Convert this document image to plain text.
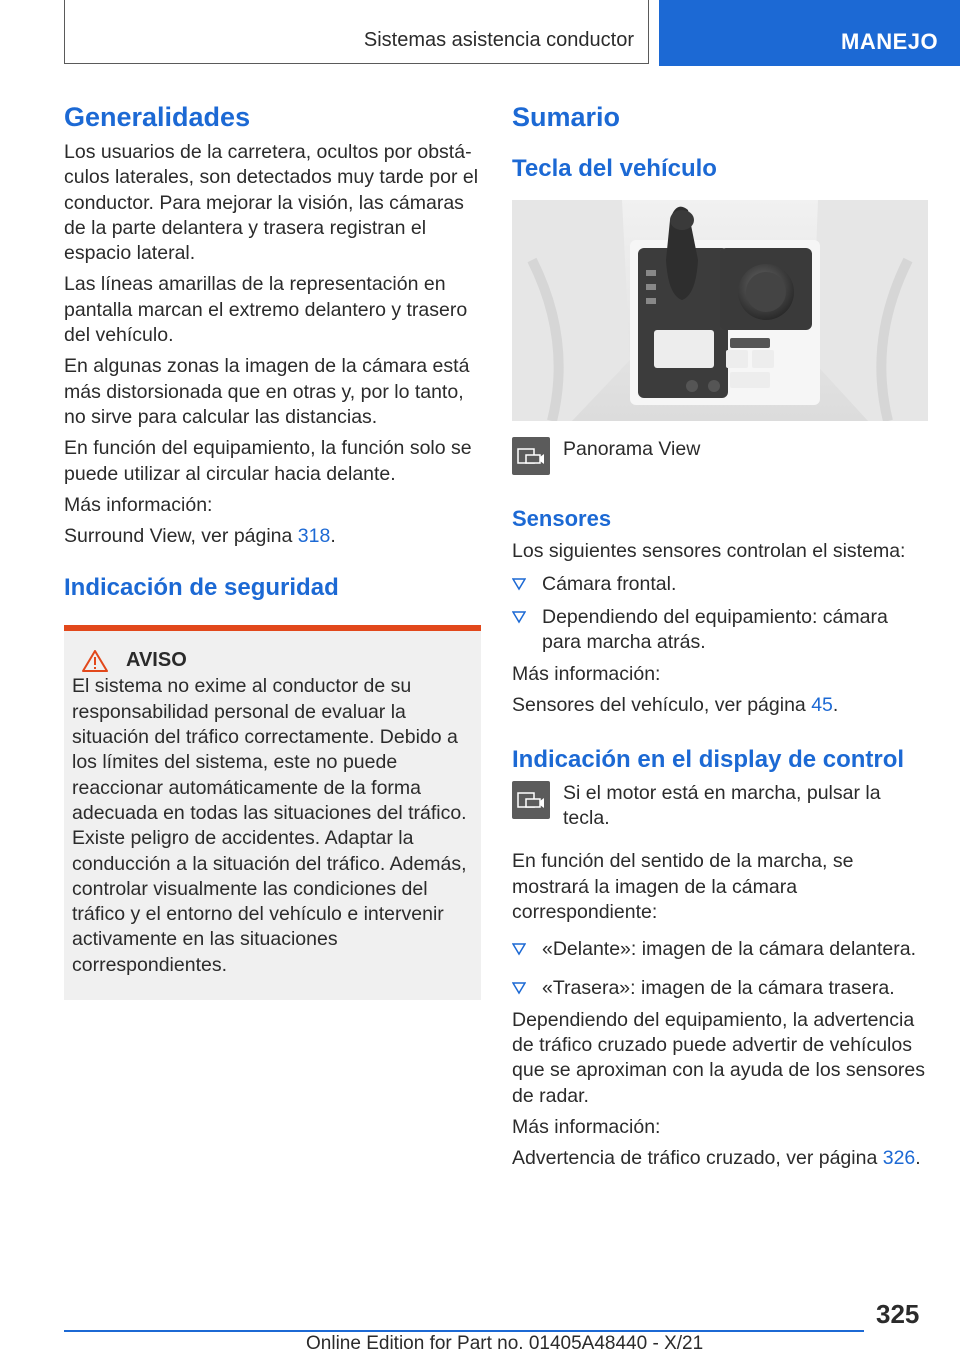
Sistemas asistencia conductor	MANEJO
Generalidades

Los usuarios de la carretera, ocultos por obstáculos laterales, son detectados muy tarde por el conductor. Para mejorar la visión, las cámaras de la parte delantera y trasera registran el espacio lateral.

Las líneas amarillas de la representación en pantalla marcan el extremo delantero y trasero del vehículo.

En algunas zonas la imagen de la cámara está más distorsionada que en otras y, por lo tanto, no sirve para calcular las distancias.

En función del equipamiento, la función solo se puede utilizar al circular hacia delante.

Más información:

Surround View, ver página 318.

Indicación de seguridad
AVISO

El sistema no exime al conductor de su responsabilidad personal de evaluar la situación del tráfico correctamente. Debido a los límites del sistema, este no puede reaccionar automáticamente de la forma adecuada en todas las situaciones del tráfico. Existe peligro de accidentes. Adaptar la conducción a la situación del tráfico. Además, controlar visualmente las condiciones del tráfico y el entorno del vehículo e intervenir activamente en las situaciones correspondientes.

Sumario
Tecla del vehículo

Panorama View

Sensores

Los siguientes sensores controlan el sistema:

Cámara frontal.
Dependiendo del equipamiento: cámara para marcha atrás.

Más información:

Sensores del vehículo, ver página 45.

Indicación en el display de control

Si el motor está en marcha, pulsar la tecla.

En función del sentido de la marcha, se mostrará la imagen de la cámara correspondiente:

«Delante»: imagen de la cámara delantera.
«Trasera»: imagen de la cámara trasera.

Dependiendo del equipamiento, la advertencia de tráfico cruzado puede advertir de vehículos que se aproximan con la ayuda de los sensores de radar.

Más información:

Advertencia de tráfico cruzado, ver página 326.

325
Online Edition for Part no. 01405A48440 - X/21
